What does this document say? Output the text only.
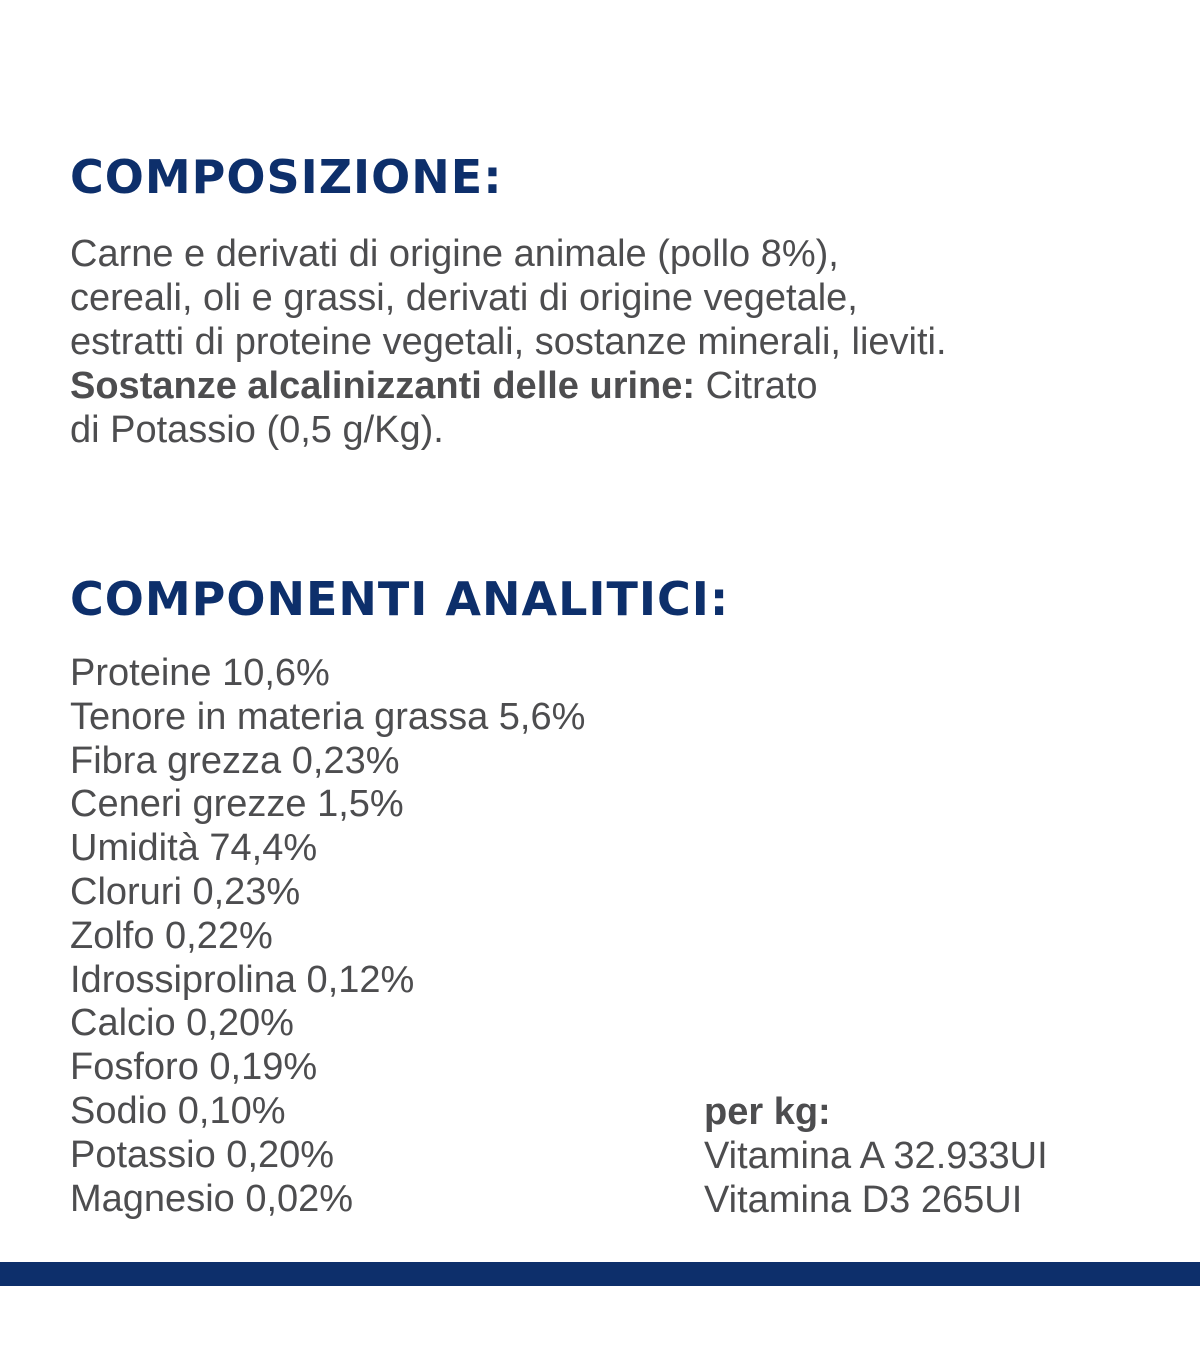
COMPOSIZIONE:

Carne e derivati di origine animale (pollo 8%),
cereali, oli e grassi, derivati di origine vegetale,
estratti di proteine vegetali, sostanze minerali, lieviti.
Sostanze alcalinizzanti delle urine: Citrato
di Potassio (0,5 g/Kg).

COMPONENTI ANALITICI:
Proteine 10,6%
Tenore in materia grassa 5,6%
Fibra grezza 0,23%
Ceneri grezze 1,5%
Umidità 74,4%
Cloruri 0,23%
Zolfo 0,22%
Idrossiprolina 0,12%
Calcio 0,20%
Fosforo 0,19%
Sodio 0,10%
Potassio 0,20%
Magnesio 0,02%
per kg:
Vitamina A 32.933UI
Vitamina D3 265UI
